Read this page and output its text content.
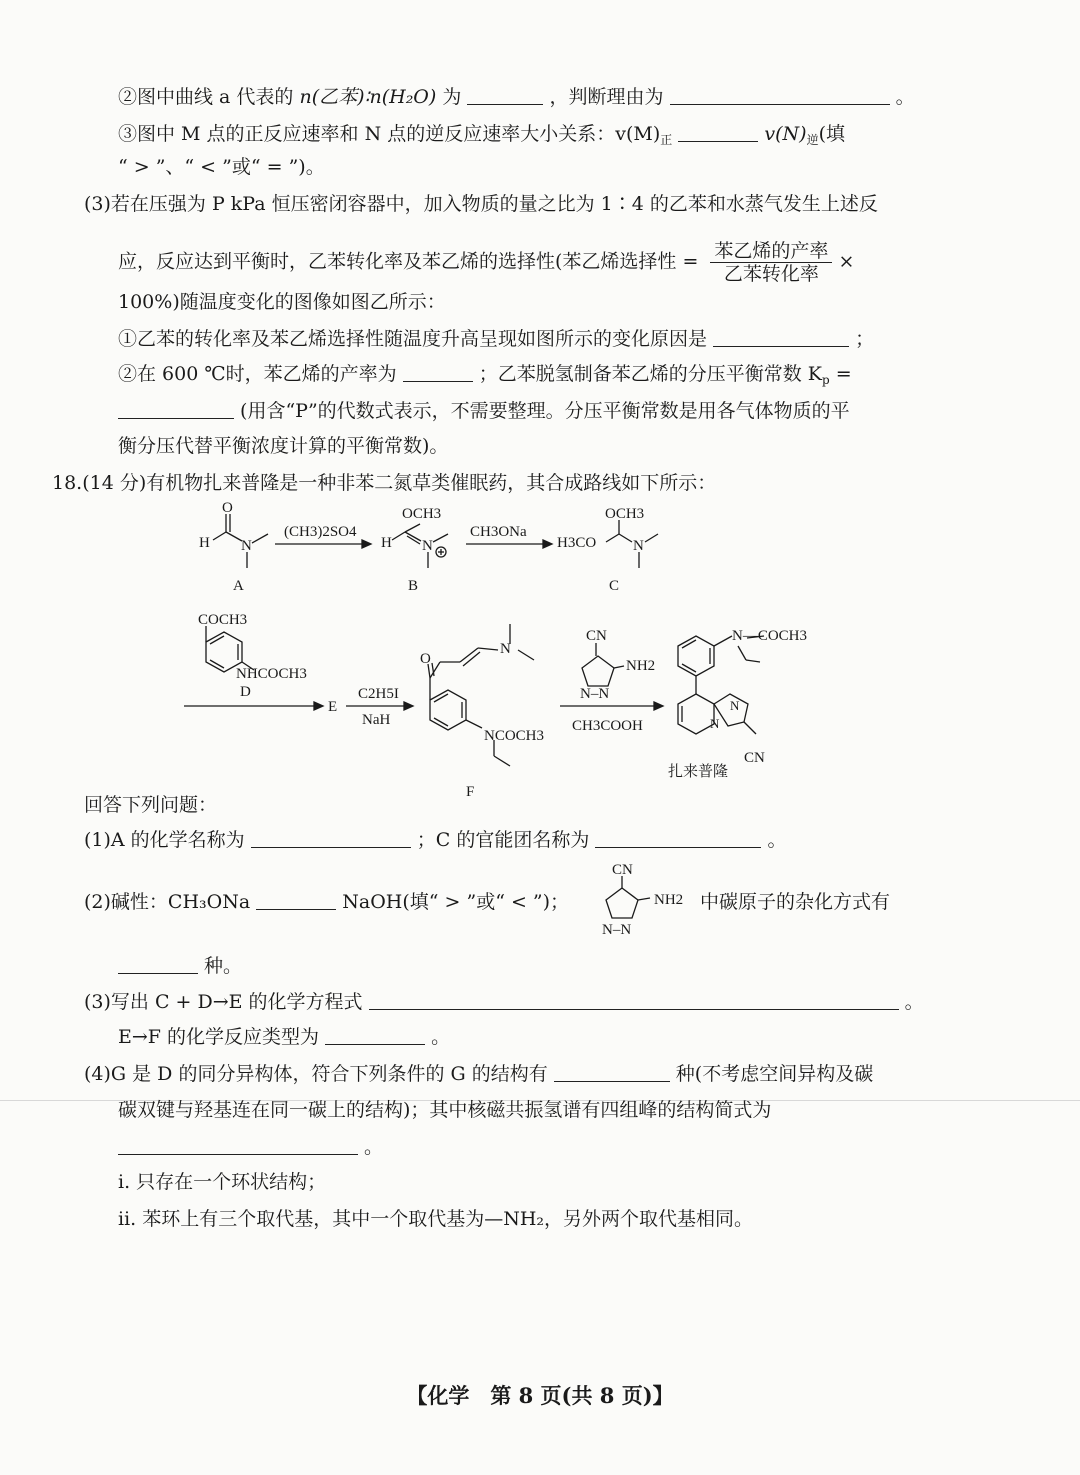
②图中曲线 a 代表的 n(乙苯)∶n(H₂O) 为	，判断理由为	。
③图中 M 点的正反应速率和 N 点的逆反应速率大小关系：$v(M)_正$	$v(N)_逆$(填
“ > ”、“ < ”或“ = ”)。
(3)若在压强为 P kPa 恒压密闭容器中，加入物质的量之比为 1∶4 的乙苯和水蒸气发生上述反
应，反应达到平衡时，乙苯转化率及苯乙烯的选择性(苯乙烯选择性 = $\frac{\text{苯乙烯的产率}}{\text{乙苯转化率}}$ ×
100%)随温度变化的图像如图乙所示：
①乙苯的转化率及苯乙烯选择性随温度升高呈现如图所示的变化原因是	；
②在 600 ℃时，苯乙烯的产率为	；乙苯脱氢制备苯乙烯的分压平衡常数 $K_p$ =
(用含“P”的代数式表示，不需要整理。分压平衡常数是用各气体物质的平
衡分压代替平衡浓度计算的平衡常数)。
18.(14 分)有机物扎来普隆是一种非苯二氮草类催眠药，其合成路线如下所示：
O
H N
A
(CH3)2SO4
OCH3
H N
B
CH3ONa
OCH3
H3CO N
C
COCH3
NHCOCH3
D
E
C2H5I
NaH
O
N
NCOCH3
F
CN
NH2
N–N
CH3COOH
N—COCH3
N
N
CN
扎来普隆
回答下列问题：
(1)A 的化学名称为	；C 的官能团名称为	。
CN
NH2
N–N
(2)碱性：CH₃ONa	NaOH(填“ > ”或“ < ”)；	中碳原子的杂化方式有
种。
(3)写出 C + D→E 的化学方程式	。
E→F 的化学反应类型为	。
(4)G 是 D 的同分异构体，符合下列条件的 G 的结构有	种(不考虑空间异构及碳
碳双键与羟基连在同一碳上的结构)；其中核磁共振氢谱有四组峰的结构简式为
。
ⅰ. 只存在一个环状结构；
ⅱ. 苯环上有三个取代基，其中一个取代基为—NH₂，另外两个取代基相同。
【化学　第 8 页(共 8 页)】
